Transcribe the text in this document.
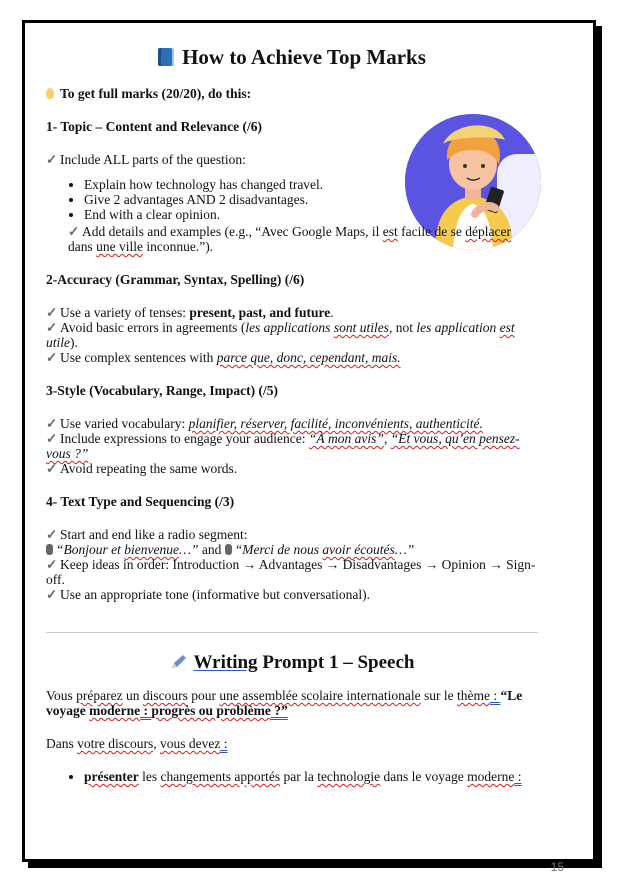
How to Achieve Top Marks

To get full marks (20/20), do this:

1- Topic – Content and Relevance (/6)

✓ Include ALL parts of the question:

• Explain how technology has changed travel.
• Give 2 advantages AND 2 disadvantages.
• End with a clear opinion.

✓ Add details and examples (e.g., “Avec Google Maps, il est facile de se déplacer
dans une ville inconnue.”).

2-Accuracy (Grammar, Syntax, Spelling) (/6)

✓ Use a variety of tenses: present, past, and future.

✓ Avoid basic errors in agreements (les applications sont utiles, not les application est utile).

✓ Use complex sentences with parce que, donc, cependant, mais.

3-Style (Vocabulary, Range, Impact) (/5)

✓ Use varied vocabulary: planifier, réserver, facilité, inconvénients, authenticité.

✓ Include expressions to engage your audience: “À mon avis”, “Et vous, qu’en pensez-vous ?”

✓ Avoid repeating the same words.

4- Text Type and Sequencing (/3)

✓ Start and end like a radio segment:

“Bonjour et bienvenue…” and “Merci de nous avoir écoutés…”

✓ Keep ideas in order: Introduction → Advantages → Disadvantages → Opinion → Sign-off.

✓ Use an appropriate tone (informative but conversational).

Writing Prompt 1 – Speech

Vous préparez un discours pour une assemblée scolaire internationale sur le thème : “Le voyage moderne : progrès ou problème ?”

Dans votre discours, vous devez :

• présenter les changements apportés par la technologie dans le voyage moderne :
15
